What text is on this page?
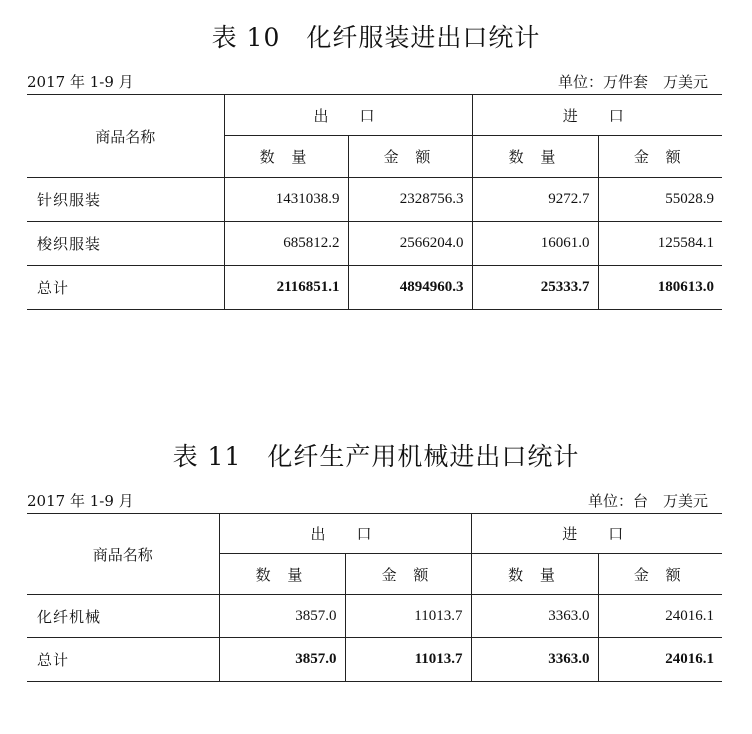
表 10　化纤服装进出口统计
2017 年 1-9 月	单位：万件套　万美元
商品名称	出　口		进　口	
	数 量	金 额	数 量	金 额
针织服装	1431038.9	2328756.3	9272.7	55028.9
梭织服装	685812.2	2566204.0	16061.0	125584.1
总计	2116851.1	4894960.3	25333.7	180613.0
表 11　化纤生产用机械进出口统计
2017 年 1-9 月	单位：台　万美元
商品名称	出　口		进　口	
	数 量	金 额	数 量	金 额
化纤机械	3857.0	11013.7	3363.0	24016.1
总计	3857.0	11013.7	3363.0	24016.1
